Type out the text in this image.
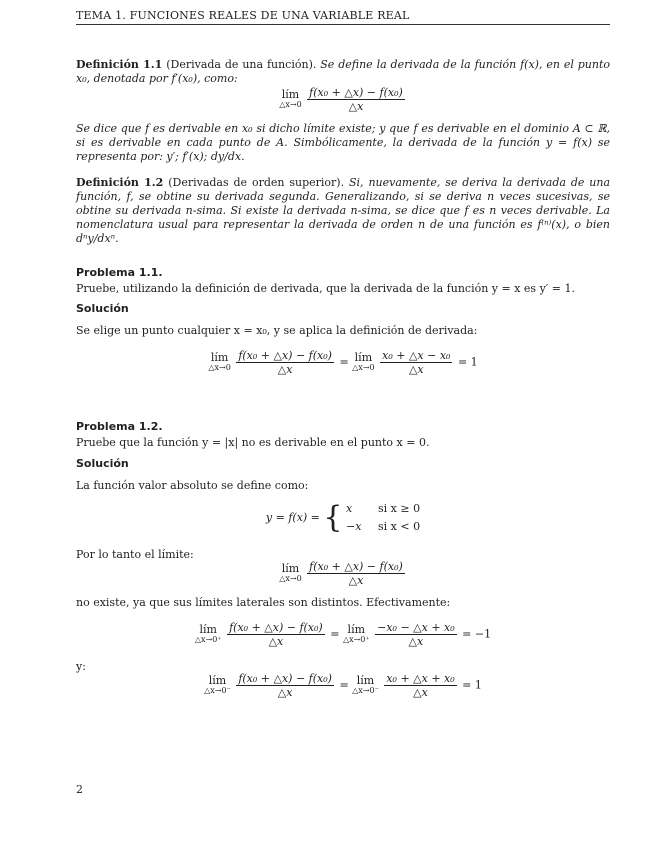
TEMA 1. FUNCIONES REALES DE UNA VARIABLE REAL

Definición 1.1 (Derivada de una función). Se define la derivada de la función f(x), en el punto x₀, denotada por f′(x₀), como:

lím
△x→0
$\frac{\text{f(x₀ + △x) − f(x₀)}}{\triangle x}$
Se dice que f es derivable en x₀ si dicho límite existe; y que f es derivable en el dominio A ⊂ ℝ, si es derivable en cada punto de A. Simbólicamente, la derivada de la función y = f(x) se representa por: y′; f′(x); dy/dx.

Definición 1.2 (Derivadas de orden superior). Si, nuevamente, se deriva la derivada de una función, f, se obtine su derivada segunda. Generalizando, si se deriva n veces sucesivas, se obtine su derivada n-sima. Si existe la derivada n-sima, se dice que f es n veces derivable. La nomenclatura usual para representar la derivada de orden n de una función es f⁽ⁿ⁾(x), o bien dⁿy/dxⁿ.

Problema 1.1.
Pruebe, utilizando la definición de derivada, que la derivada de la función y = x es y′ = 1.
Solución
Se elige un punto cualquier x = x₀, y se aplica la definición de derivada:
lím
△x→0
$\frac{\text{f(x₀ + △x) − f(x₀)}}{\triangle x}$ = lím
△x→0
$\frac{\text{x₀ + △x − x₀}}{\triangle x} = 1$
Problema 1.2.
Pruebe que la función y = |x| no es derivable en el punto x = 0.
Solución
La función valor absoluto se define como:
y = f(x) = { x si x ≥ 0
−x si x < 0
Por lo tanto el límite:
lím
△x→0
$\frac{\text{f(x₀ + △x) − f(x₀)}}{\triangle x}$
no existe, ya que sus límites laterales son distintos. Efectivamente:
lím
△x→0⁺
$\frac{\text{f(x₀ + △x) − f(x₀)}}{\triangle x}$ = lím
△x→0⁺
$\frac{\text{−x₀ − △x + x₀}}{\triangle x} = -1$
y:
lím
△x→0⁻
$\frac{\text{f(x₀ + △x) − f(x₀)}}{\triangle x}$ = lím
△x→0⁻
$\frac{\text{x₀ + △x + x₀}}{\triangle x} = 1$
2
